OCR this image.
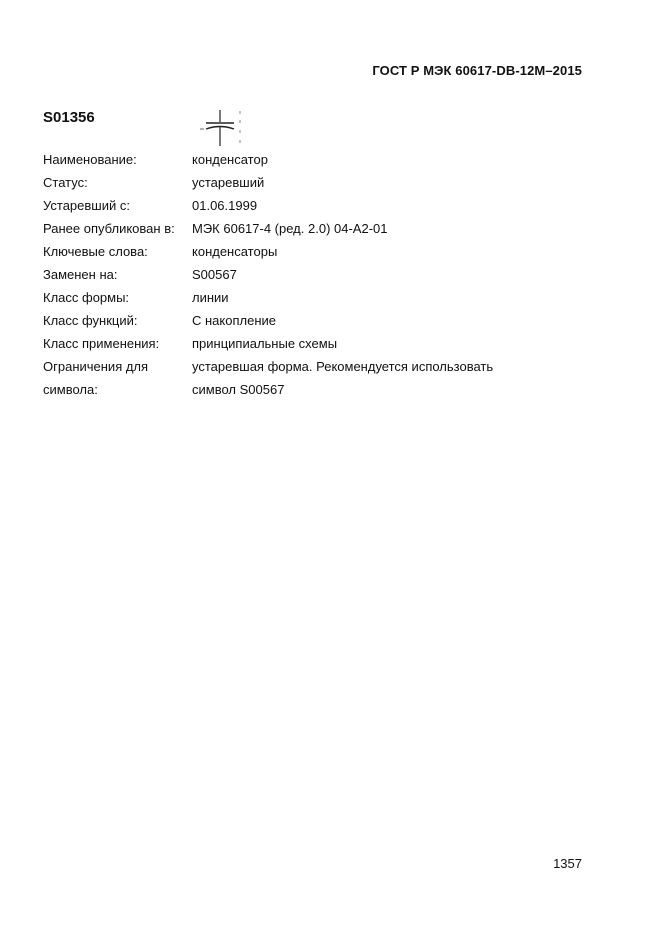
ГОСТ Р МЭК 60617-DB-12M–2015
S01356
Наименование:	конденсатор
Статус:	устаревший
Устаревший с:	01.06.1999
Ранее опубликован в:	МЭК 60617-4 (ред. 2.0) 04-A2-01
Ключевые слова:	конденсаторы
Заменен на:	S00567
Класс формы:	линии
Класс функций:	С накопление
Класс применения:	принципиальные схемы
Ограничения для	устаревшая форма. Рекомендуется использовать
символа:	символ S00567
1357
